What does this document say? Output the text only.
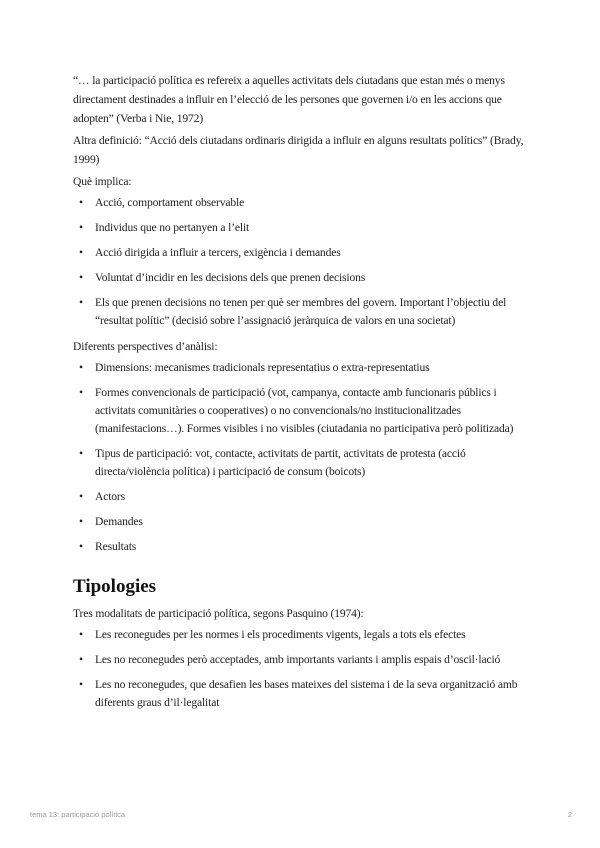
“… la participació política es refereix a aquelles activitats dels ciutadans que estan més o menys directament destinades a influir en l’elecció de les persones que governen i/o en les accions que adopten” (Verba i Nie, 1972)

Altra definició: “Acció dels ciutadans ordinaris dirigida a influir en alguns resultats polítics” (Brady, 1999)

Què implica:

• Acció, comportament observable
• Individus que no pertanyen a l’elit
• Acció dirigida a influir a tercers, exigència i demandes
• Voluntat d’incidir en les decisions dels que prenen decisions
• Els que prenen decisions no tenen per què ser membres del govern. Important l’objectiu del “resultat polític” (decisió sobre l’assignació jeràrquica de valors en una societat)

Diferents perspectives d’anàlisi:

• Dimensions: mecanismes tradicionals representatius o extra-representatius
• Formes convencionals de participació (vot, campanya, contacte amb funcionaris públics i activitats comunitàries o cooperatives) o no convencionals/no institucionalitzades (manifestacions…). Formes visibles i no visibles (ciutadania no participativa però politizada)
• Tipus de participació: vot, contacte, activitats de partit, activitats de protesta (acció directa/violència política) i participació de consum (boicots)
• Actors
• Demandes
• Resultats
Tipologies

Tres modalitats de participació política, segons Pasquino (1974):

• Les reconegudes per les normes i els procediments vigents, legals a tots els efectes
• Les no reconegudes però acceptades, amb importants variants i amplis espais d’oscil·lació
• Les no reconegudes, que desafien les bases mateixes del sistema i de la seva organització amb diferents graus d’il·legalitat
tema 13: participació política	2
